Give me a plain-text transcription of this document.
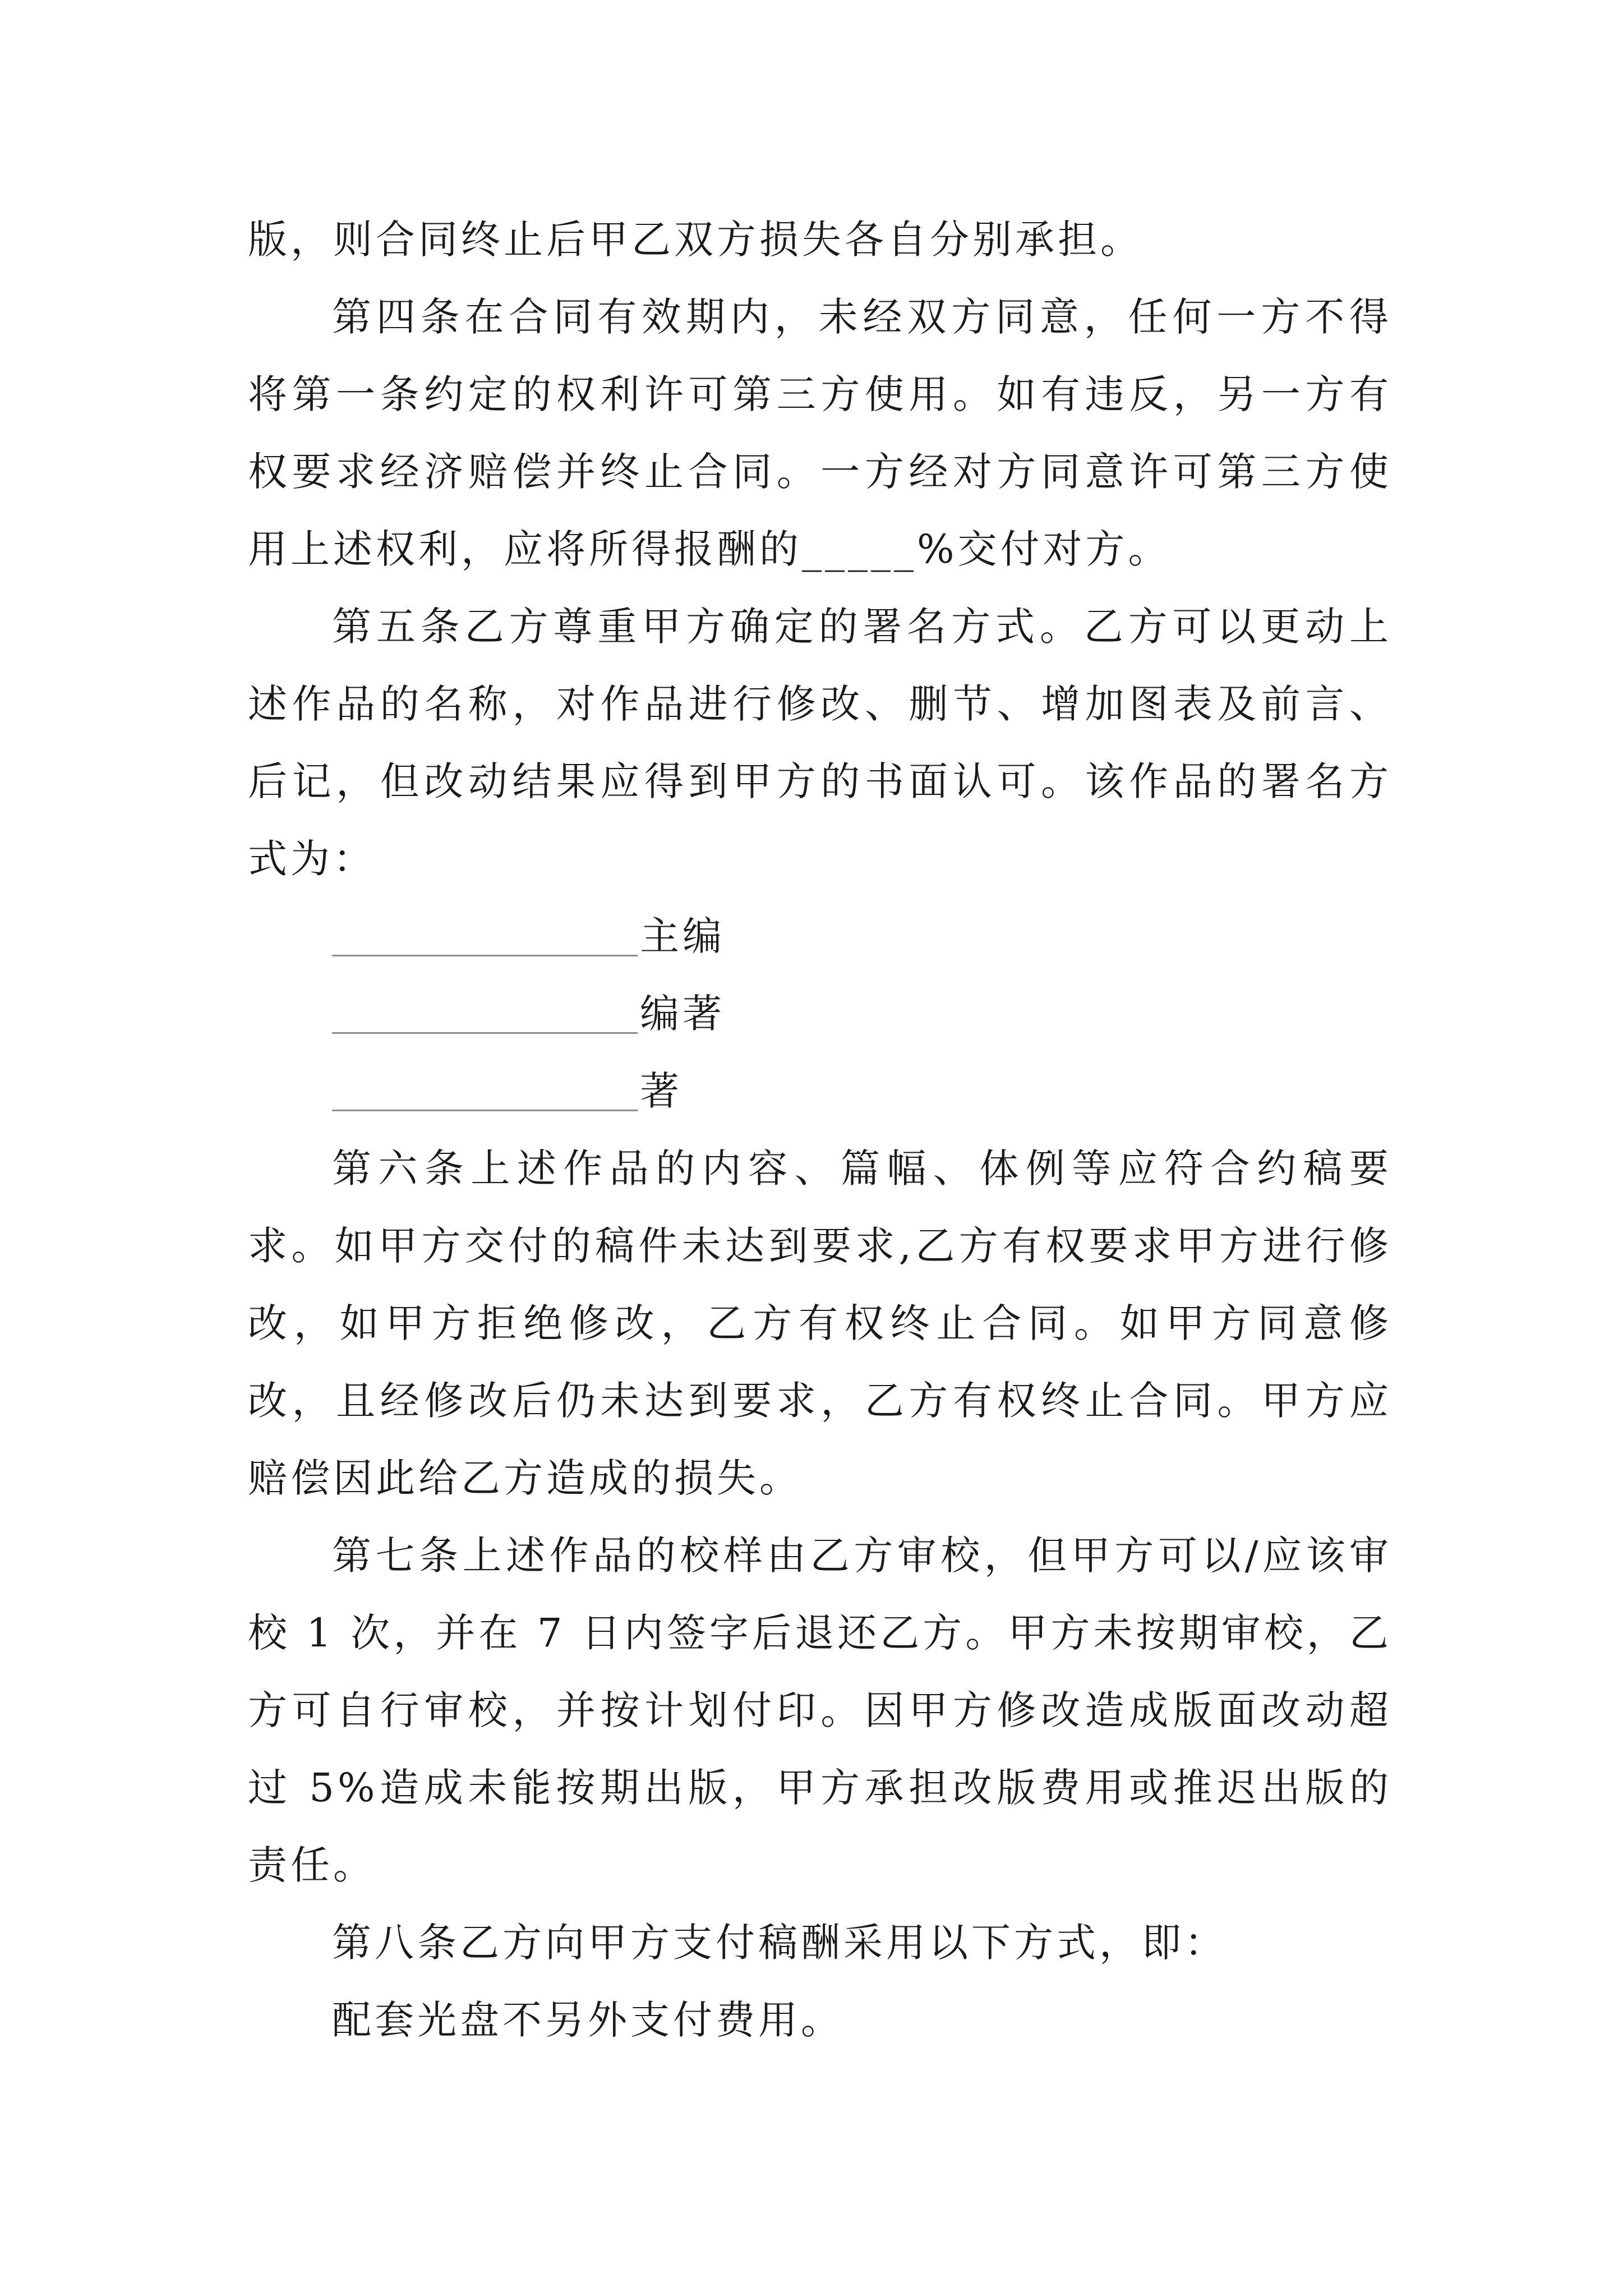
版，则合同终止后甲乙双方损失各自分别承担。

第四条在合同有效期内，未经双方同意，任何一方不得将第一条约定的权利许可第三方使用。如有违反，另一方有权要求经济赔偿并终止合同。一方经对方同意许可第三方使用上述权利，应将所得报酬的_____%交付对方。

第五条乙方尊重甲方确定的署名方式。乙方可以更动上述作品的名称，对作品进行修改、删节、增加图表及前言、后记，但改动结果应得到甲方的书面认可。该作品的署名方式为：

主编
编著
著

第六条上述作品的内容、篇幅、体例等应符合约稿要求。如甲方交付的稿件未达到要求,乙方有权要求甲方进行修改，如甲方拒绝修改，乙方有权终止合同。如甲方同意修改，且经修改后仍未达到要求，乙方有权终止合同。甲方应赔偿因此给乙方造成的损失。

第七条上述作品的校样由乙方审校，但甲方可以/应该审校 1 次，并在 7 日内签字后退还乙方。甲方未按期审校，乙方可自行审校，并按计划付印。因甲方修改造成版面改动超过 5%造成未能按期出版，甲方承担改版费用或推迟出版的责任。

第八条乙方向甲方支付稿酬采用以下方式，即：

配套光盘不另外支付费用。
